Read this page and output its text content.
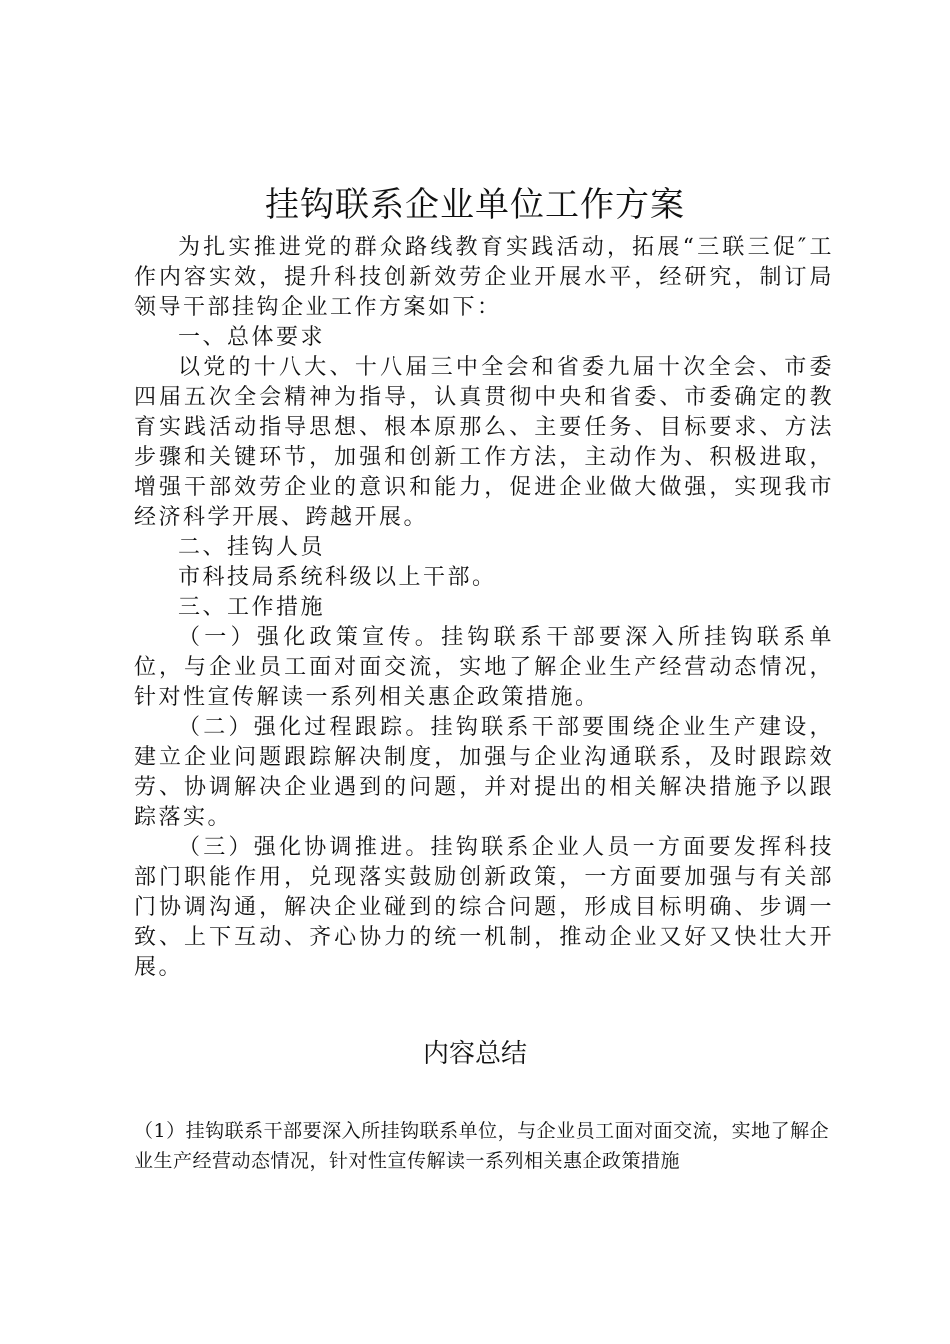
挂钩联系企业单位工作方案

为扎实推进党的群众路线教育实践活动，拓展“三联三促″工作内容实效，提升科技创新效劳企业开展水平，经研究，制订局领导干部挂钩企业工作方案如下：

一、总体要求

以党的十八大、十八届三中全会和省委九届十次全会、市委四届五次全会精神为指导，认真贯彻中央和省委、市委确定的教育实践活动指导思想、根本原那么、主要任务、目标要求、方法步骤和关键环节，加强和创新工作方法，主动作为、积极进取，增强干部效劳企业的意识和能力，促进企业做大做强，实现我市经济科学开展、跨越开展。

二、挂钩人员

市科技局系统科级以上干部。

三、工作措施

（一）强化政策宣传。挂钩联系干部要深入所挂钩联系单位，与企业员工面对面交流，实地了解企业生产经营动态情况，针对性宣传解读一系列相关惠企政策措施。

（二）强化过程跟踪。挂钩联系干部要围绕企业生产建设，建立企业问题跟踪解决制度，加强与企业沟通联系，及时跟踪效劳、协调解决企业遇到的问题，并对提出的相关解决措施予以跟踪落实。

（三）强化协调推进。挂钩联系企业人员一方面要发挥科技部门职能作用，兑现落实鼓励创新政策，一方面要加强与有关部门协调沟通，解决企业碰到的综合问题，形成目标明确、步调一致、上下互动、齐心协力的统一机制，推动企业又好又快壮大开展。

内容总结

（1）挂钩联系干部要深入所挂钩联系单位，与企业员工面对面交流，实地了解企业生产经营动态情况，针对性宣传解读一系列相关惠企政策措施
